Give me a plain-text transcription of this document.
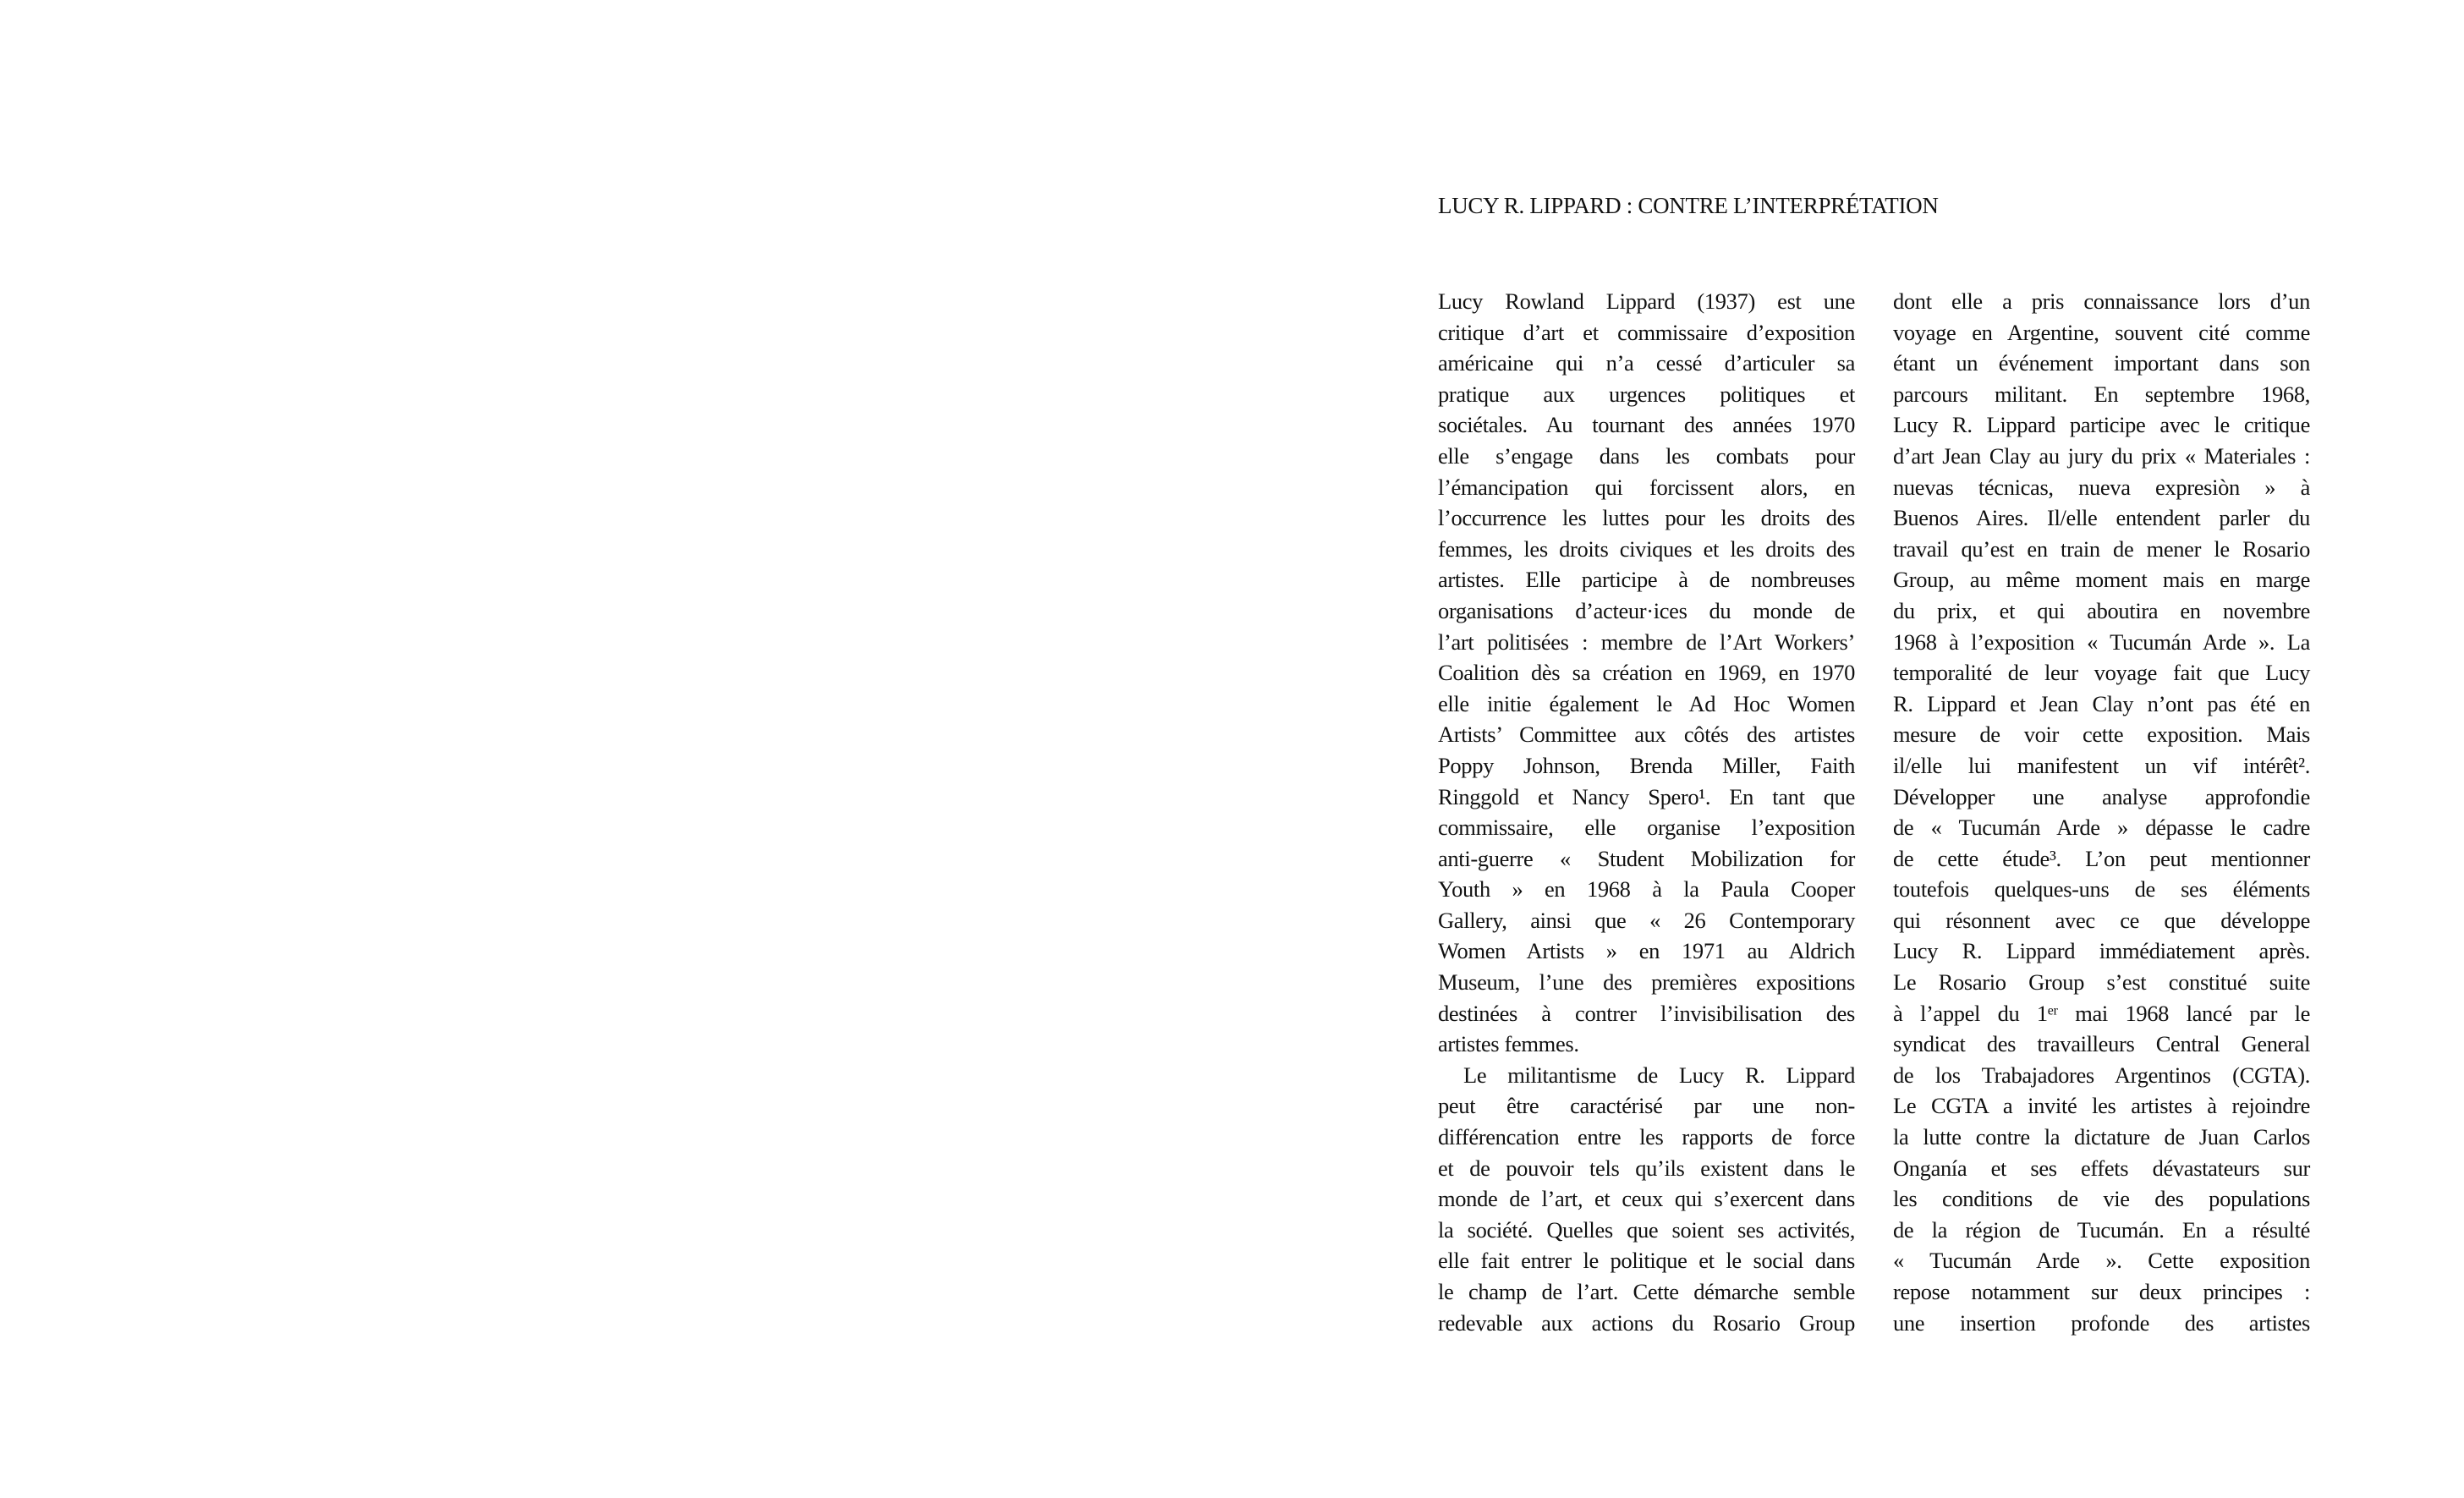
LUCY R. LIPPARD : CONTRE L’INTERPRÉTATION
Lucy Rowland Lippard (1937) est une
critique d’art et commissaire d’exposition
américaine qui n’a cessé d’articuler sa
pratique aux urgences politiques et
sociétales. Au tournant des années 1970
elle s’engage dans les combats pour
l’émancipation qui forcissent alors, en
l’occurrence les luttes pour les droits des
femmes, les droits civiques et les droits des
artistes. Elle participe à de nombreuses
organisations d’acteur·ices du monde de
l’art politisées : membre de l’Art Workers’
Coalition dès sa création en 1969, en 1970
elle initie également le Ad Hoc Women
Artists’ Committee aux côtés des artistes
Poppy Johnson, Brenda Miller, Faith
Ringgold et Nancy Spero¹. En tant que
commissaire, elle organise l’exposition
anti-guerre « Student Mobilization for
Youth » en 1968 à la Paula Cooper
Gallery, ainsi que « 26 Contemporary
Women Artists » en 1971 au Aldrich
Museum, l’une des premières expositions
destinées à contrer l’invisibilisation des
artistes femmes.
Le militantisme de Lucy R. Lippard
peut être caractérisé par une non-
différencation entre les rapports de force
et de pouvoir tels qu’ils existent dans le
monde de l’art, et ceux qui s’exercent dans
la société. Quelles que soient ses activités,
elle fait entrer le politique et le social dans
le champ de l’art. Cette démarche semble
redevable aux actions du Rosario Group
dont elle a pris connaissance lors d’un
voyage en Argentine, souvent cité comme
étant un événement important dans son
parcours militant. En septembre 1968,
Lucy R. Lippard participe avec le critique
d’art Jean Clay au jury du prix « Materiales :
nuevas técnicas, nueva expresiòn » à
Buenos Aires. Il/elle entendent parler du
travail qu’est en train de mener le Rosario
Group, au même moment mais en marge
du prix, et qui aboutira en novembre
1968 à l’exposition « Tucumán Arde ». La
temporalité de leur voyage fait que Lucy
R. Lippard et Jean Clay n’ont pas été en
mesure de voir cette exposition. Mais
il/elle lui manifestent un vif intérêt².
Développer une analyse approfondie
de « Tucumán Arde » dépasse le cadre
de cette étude³. L’on peut mentionner
toutefois quelques-uns de ses éléments
qui résonnent avec ce que développe
Lucy R. Lippard immédiatement après.
Le Rosario Group s’est constitué suite
à l’appel du 1ᵉʳ mai 1968 lancé par le
syndicat des travailleurs Central General
de los Trabajadores Argentinos (CGTA).
Le CGTA a invité les artistes à rejoindre
la lutte contre la dictature de Juan Carlos
Onganía et ses effets dévastateurs sur
les conditions de vie des populations
de la région de Tucumán. En a résulté
« Tucumán Arde ». Cette exposition
repose notamment sur deux principes :
une insertion profonde des artistes
